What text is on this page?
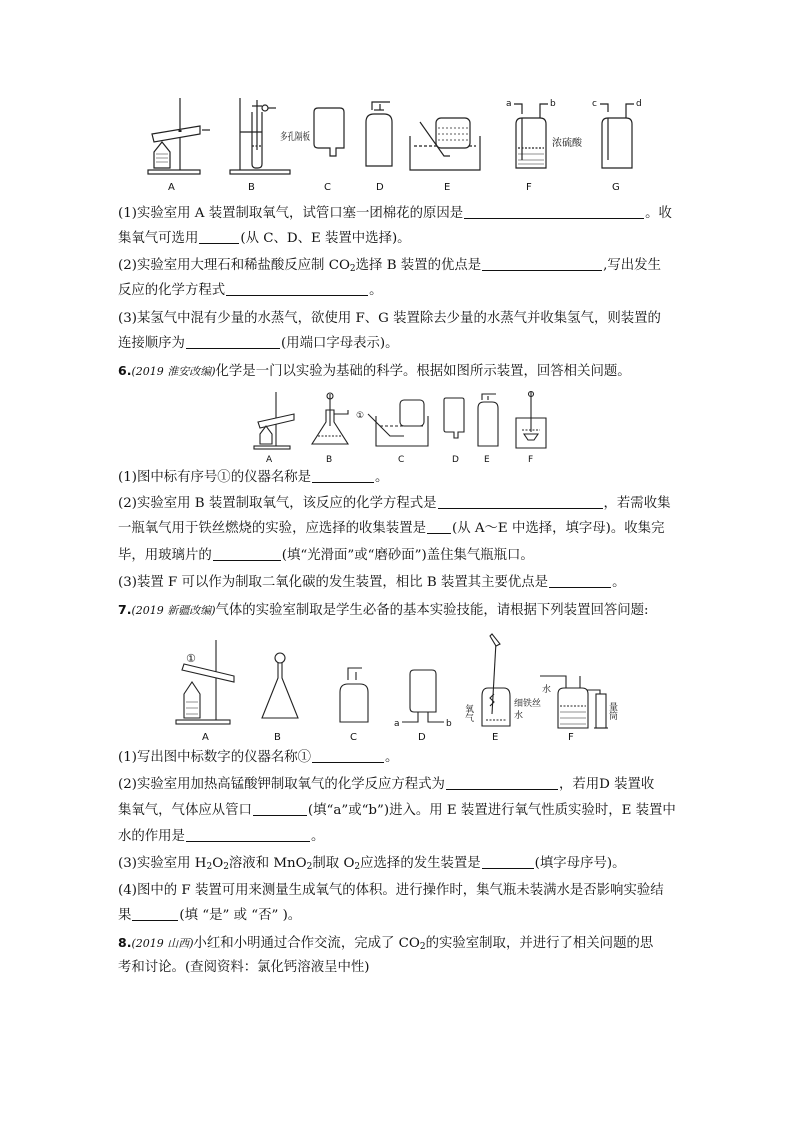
A	B	C	D	E	F	G
多孔隔板
a	b	c	d
浓硫酸
(1)实验室用 A 装置制取氧气，试管口塞一团棉花的原因是	。收
集氧气可选用	(从 C、D、E 装置中选择)。
(2)实验室用大理石和稀盐酸反应制 $CO_2$选择 B 装置的优点是	,写出发生
反应的化学方程式	。
(3)某氢气中混有少量的水蒸气，欲使用 F、G 装置除去少量的水蒸气并收集氢气，则装置的
连接顺序为	(用端口字母表示)。
6.(2019 淮安改编)化学是一门以实验为基础的科学。根据如图所示装置，回答相关问题。
A	B	C	D	E	F
①
(1)图中标有序号①的仪器名称是	。
(2)实验室用 B 装置制取氧气，该反应的化学方程式是	，若需收集
一瓶氧气用于铁丝燃烧的实验，应选择的收集装置是 (从 A～E 中选择，填字母)。收集完
毕，用玻璃片的	(填“光滑面”或“磨砂面”)盖住集气瓶瓶口。
(3)装置 F 可以作为制取二氧化碳的发生装置，相比 B 装置其主要优点是	。
7.(2019 新疆改编)气体的实验室制取是学生必备的基本实验技能，请根据下列装置回答问题:
A	B	C	D	E	F
①
a	b
氧气	细铁丝
水
水
量筒
(1)写出图中标数字的仪器名称①	。
(2)实验室用加热高锰酸钾制取氧气的化学反应方程式为	，若用D 装置收
集氧气，气体应从管口	(填“a”或“b”)进入。用 E 装置进行氧气性质实验时，E 装置中
水的作用是	。
(3)实验室用 $H_2O_2$溶液和 MnO$_2$制取 $O_2$应选择的发生装置是	(填字母序号)。
(4)图中的 F 装置可用来测量生成氧气的体积。进行操作时，集气瓶未装满水是否影响实验结
果	(填 “是” 或 “否” )。
8.(2019 山西)小红和小明通过合作交流，完成了 $CO_2$的实验室制取，并进行了相关问题的思
考和讨论。(查阅资料：氯化钙溶液呈中性)
